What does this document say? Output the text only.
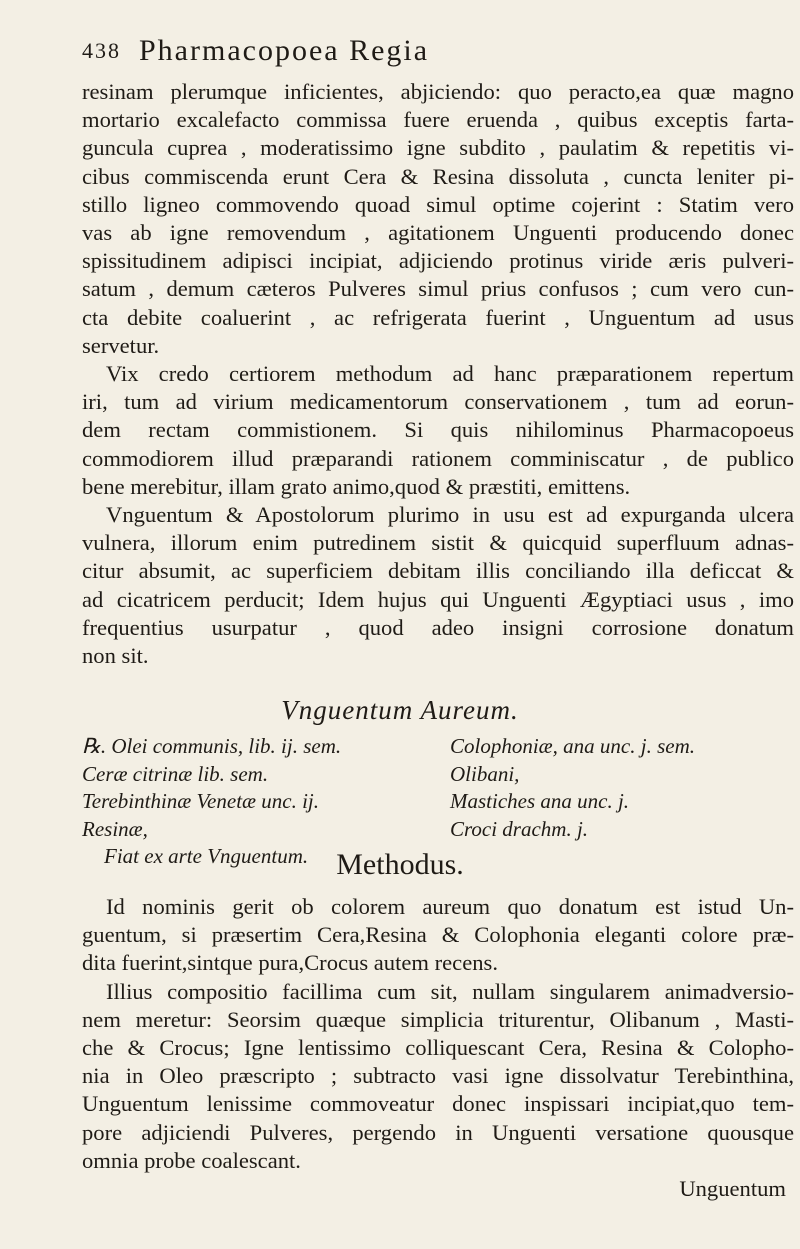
438 Pharmacopoea Regia
resinam plerumque inficientes, abjiciendo: quo peracto,ea quæ magno
mortario excalefacto commissa fuere eruenda , quibus exceptis farta-
guncula cuprea , moderatissimo igne subdito , paulatim & repetitis vi-
cibus commiscenda erunt Cera & Resina dissoluta , cuncta leniter pi-
stillo ligneo commovendo quoad simul optime cojerint : Statim vero
vas ab igne removendum , agitationem Unguenti producendo donec
spissitudinem adipisci incipiat, adjiciendo protinus viride æris pulveri-
satum , demum cæteros Pulveres simul prius confusos ; cum vero cun-
cta debite coaluerint , ac refrigerata fuerint , Unguentum ad usus
servetur.
Vix credo certiorem methodum ad hanc præparationem repertum
iri, tum ad virium medicamentorum conservationem , tum ad eorun-
dem rectam commistionem. Si quis nihilominus Pharmacopoeus
commodiorem illud præparandi rationem comminiscatur , de publico
bene merebitur, illam grato animo,quod & præstiti, emittens.
Vnguentum & Apostolorum plurimo in usu est ad expurganda ulcera
vulnera, illorum enim putredinem sistit & quicquid superfluum adnas-
citur absumit, ac superficiem debitam illis conciliando illa deficcat &
ad cicatricem perducit; Idem hujus qui Unguenti Ægyptiaci usus , imo
frequentius usurpatur , quod adeo insigni corrosione donatum
non sit.
Vnguentum Aureum.
℞. Olei communis, lib. ij. sem.
Ceræ citrinæ lib. sem.
Terebinthinæ Venetæ unc. ij.
Resinæ,
Fiat ex arte Vnguentum.
Colophoniæ, ana unc. j. sem.
Olibani,
Mastiches ana unc. j.
Croci drachm. j.
Methodus.
Id nominis gerit ob colorem aureum quo donatum est istud Un-
guentum, si præsertim Cera,Resina & Colophonia eleganti colore præ-
dita fuerint,sintque pura,Crocus autem recens.
Illius compositio facillima cum sit, nullam singularem animadversio-
nem meretur: Seorsim quæque simplicia triturentur, Olibanum , Masti-
che & Crocus; Igne lentissimo colliquescant Cera, Resina & Colopho-
nia in Oleo præscripto ; subtracto vasi igne dissolvatur Terebinthina,
Unguentum lenissime commoveatur donec inspissari incipiat,quo tem-
pore adjiciendi Pulveres, pergendo in Unguenti versatione quousque
omnia probe coalescant.
Unguentum
